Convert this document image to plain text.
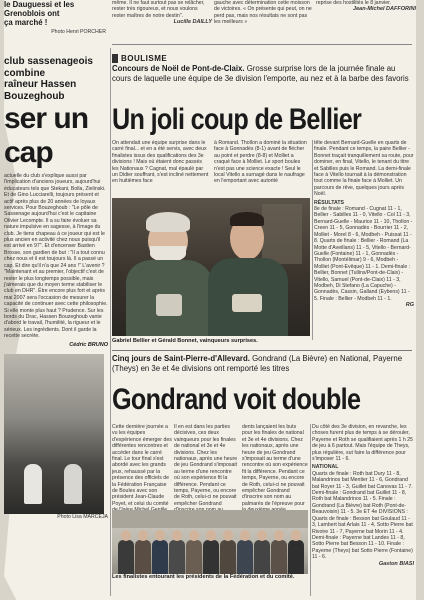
Ie Dauguessi et les Grenoblois ont
ça marché !
Photo Henri PORCHER
même. Il ne faut surtout pas se relâcher, rester très rigoureux, et nous voulons rester maîtres de notre destin".
Lucille DAILLY
gauche avec détermination cette moisson de victoires. « On présente qui peut, on ne perd pas, mais nos résultats ne sont pas les meilleurs »
reprise des hostilités le 8 janvier.
Jean-Michel DAFFORINI
club sassenageois combine
raîneur Hassen Bouzeghoub
ser un cap
actuelle du club s'explique aussi par l'implication d'anciens joueurs, aujourd'hui éducateurs tels que Stekani, Bolla, Zielinski. Et de Gino Lucciarelli, toujours présent et actif après plus de 20 années de loyaux services. Pour Bouzeghoub : "Le pôle de Sassenage aujourd'hui c'est le capitaine Olivier Lecompte. Il a su faire évoluer sa nature impulsive en sagesse, à l'image du club. Je tiens chapeau à ce joueur qui est le plus ancien en activité chez nous puisqu'il est arrivé en 97". Et d'encenser Bastien Brosse, son gardien de but : "Il a tout connu chez nous et il est toujours là. Il a passé un cap. Et dire qu'il n'a que 24 ans !" L'avenir ? "Maintenant et au premier, l'objectif c'est de rester le plus longtemps possible, mais j'aimerais que du moyen terme stabiliser le club en DHR". Être encore plus fort et après mai 2007 sera l'occasion de mesurer la capacité de continuer avec cette philosophie. Si elle monte plus haut ? Prudence. Sur les bords du Drac, Hassen Bouzeghoub vante d'abord le travail, l'humilité, la rigueur et le sérieux. Les ingrédients. Dont il garde la recette secrète.
Cédric BRUNO
Photo Lisa MARCEJA
BOULISME
Concours de Noël de Pont-de-Claix. Grosse surprise lors de la journée finale au cours de laquelle une équipe de 3e division l'emporte, au nez et à la barbe des favoris
Un joli coup de Bellier
On attendait une équipe surprise dans le carré final... et en a été servis, avec deux finalistes issus des qualifications des 3e divisions ! Mais où étaient donc passés les Nationaux ? Cagnat, mal épaulé par un Didier souffrant, s'est incliné nettement en huitièmes face
à Romand. Thollon a dominé la situation face à Gonnadès (8-1) avant de flécher au point et perdre (8-8) et Molliet a craqué face à Molliet. Le sport boules n'est pas une science exacte ! Seul le local Vitello a surnagé dans le naufrage en l'emportant avec autorité
Gabriel Bellier et Gérald Bonnet, vainqueurs surprises.
tête devant Bernard-Guelle en quarts de finale. Pendant ce temps, la paire Bellier - Bonnet traçait tranquillement sa route, pour dominer, en final, Vitello, le tenant du titre et Sabilles puis le Romand. La demi-finale face à Vitello tournait à la démonstration tout comme la finale face à Molliet. Un parcours de rêve, quelques jours après Noël.
RÉSULTATS
8e de finale : Romand - Cugnat 11 - 1, Bellier - Sabilles 11 - 0, Vitello - Col 11 - 3, Bernard-Guelle - Maurice 11 - 10, Thollon - Creen 11 - 5, Gonnadès - Bourrier 11 - 2, Molliet - Morel 8 - 6, Modbeh - Puissat 11 - 8. Quarts de finale : Bellier - Romand (La Motte d'Aveillans) 11 - 5, Vitello - Bernard-Guelle (Fontaine) 11 - 1, Gonnadès - Thollon (Montélimar) 9 - 6, Modbeh - Molliet (Pont-Evêque) 11 - 1. Demi-finale : Bellier, Bonnet (Tullins/Pont-de-Claix) - Vitello, Samuel (Pont-de-Claix) 11 - 3, Modbeh, Di Stefano (La Capuche) - Gonnadès, Cassin, Galland (Eybens) 11 - 5. Finale : Bellier - Modbeh 11 - 1.
RG
Cinq jours de Saint-Pierre-d'Allevard. Gondrand (La Bièvre) en National, Payerne (Theys) en 3e et 4e divisions ont remporté les titres
Gondrand voit double
Cette dernière journée a vu les équipes d'expérience émerger des différentes rencontres et accéder dans le carré final. Le tour final s'est abordé avec les grands jeux, rehaussé par la présence des officiels de la Fédération Française de Boules avec son président Jean-Claude Poyet, et celui du comité
Il en est dans les parties décisives, ces deux vainqueurs pour les finales de national et 3e et 4e divisions. Chez les nationaux, après une heure de jeu Gondrand s'imposait au terme d'une rencontre où son expérience fit la différence. Pendant ce temps, Payerne, ou encore de Roth, celui-ci ne pouvait empêcher Gondrand
dents lançaient les buts pour les finales de national et 3e et 4e divisions. Chez les nationaux, après une heure de jeu Gondrand s'imposait au terme d'une rencontre où son expérience fit la différence. Pendant ce temps, Payerne, ou encore de Roth, celui-ci ne pouvait empêcher Gondrand d'inscrire son nom au palmarès de l'épreuve pour
Les finalistes entourant les présidents de la Fédération et du comité.
Du côté des 3e division, en revanche, les choses furent plus de temps à se dérouler, Payerne et Roth se qualifiaient après 1 h 25 de jeu à 6 partout. Mais l'équipe de Theys, plus régulière, sut faire la différence pour s'imposer 11 - 6.
NATIONAL
Quarts de finale : Roth bat Dury 11 - 8, Malandrinos bat Mentier 11 - 6, Gondrand bat Royer 11 - 3, Guillet bat Canovas 11 - 7. Demi-finale : Gondrand bat Guillet 11 - 8, Roth bat Malandrinos 11 - 5. Finale : Gondrand (La Bièvre) bat Roth (Pont-de-Beauvoisin) 11 - 5. 3e ET 4e DIVISIONS : Quarts de finale : Besson bat Goulaud 11 - 3, Lambert bat Arlais 11 - 4, Sotto Pierre bat Rivoire 11 - 7, Payerne bat Morin 11 - 4. Demi-finale : Payerne bat Landes 11 - 8, Sotto Pierre bat Besson 11 - 10. Finale : Payerne (Theys) bat Sotto Pierre (Fontaine) 11 - 6.
Gaston BIASI
